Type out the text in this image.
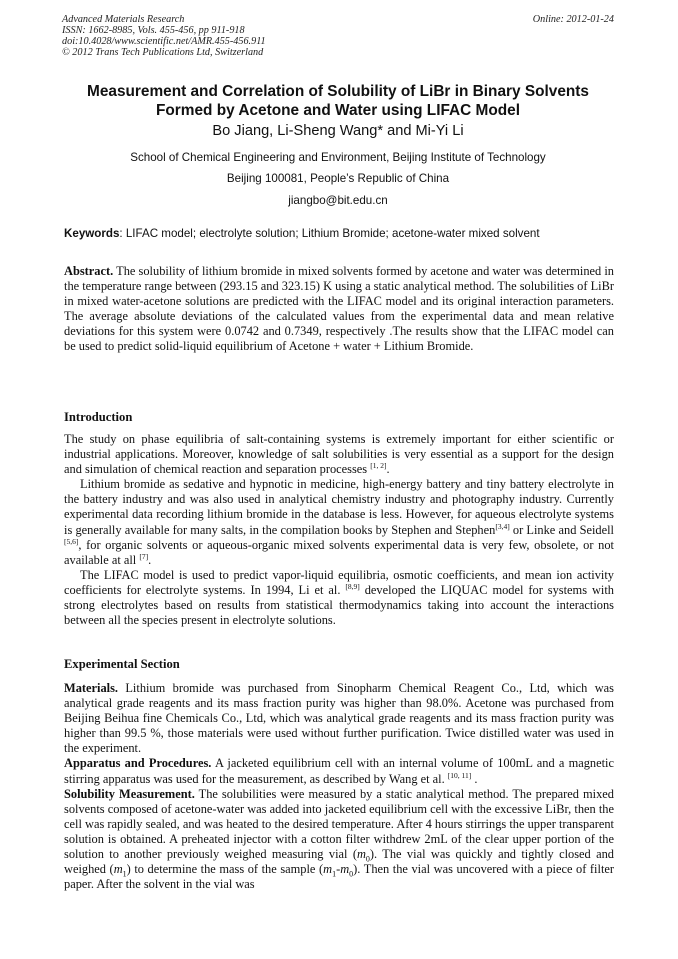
Advanced Materials Research
ISSN: 1662-8985, Vols. 455-456, pp 911-918
doi:10.4028/www.scientific.net/AMR.455-456.911
© 2012 Trans Tech Publications Ltd, Switzerland
Online: 2012-01-24
Measurement and Correlation of Solubility of LiBr in Binary Solvents
Formed by Acetone and Water using LIFAC Model
Bo Jiang, Li-Sheng Wang* and Mi-Yi Li
School of Chemical Engineering and Environment, Beijing Institute of Technology
Beijing 100081, People’s Republic of China
jiangbo@bit.edu.cn
Keywords: LIFAC model; electrolyte solution; Lithium Bromide; acetone-water mixed solvent

Abstract. The solubility of lithium bromide in mixed solvents formed by acetone and water was determined in the temperature range between (293.15 and 323.15) K using a static analytical method. The solubilities of LiBr in mixed water-acetone solutions are predicted with the LIFAC model and its original interaction parameters. The average absolute deviations of the calculated values from the experimental data and mean relative deviations for this system were 0.0742 and 0.7349, respectively .The results show that the LIFAC model can be used to predict solid-liquid equilibrium of Acetone + water + Lithium Bromide.

Introduction

The study on phase equilibria of salt-containing systems is extremely important for either scientific or industrial applications. Moreover, knowledge of salt solubilities is very essential as a support for the design and simulation of chemical reaction and separation processes [1, 2].

Lithium bromide as sedative and hypnotic in medicine, high-energy battery and tiny battery electrolyte in the battery industry and was also used in analytical chemistry industry and photography industry. Currently experimental data recording lithium bromide in the database is less. However, for aqueous electrolyte systems is generally available for many salts, in the compilation books by Stephen and Stephen[3,4] or Linke and Seidell [5,6], for organic solvents or aqueous-organic mixed solvents experimental data is very few, obsolete, or not available at all [7].

The LIFAC model is used to predict vapor-liquid equilibria, osmotic coefficients, and mean ion activity coefficients for electrolyte systems. In 1994, Li et al. [8,9] developed the LIQUAC model for systems with strong electrolytes based on results from statistical thermodynamics taking into account the interactions between all the species present in electrolyte solutions.

Experimental Section

Materials. Lithium bromide was purchased from Sinopharm Chemical Reagent Co., Ltd, which was analytical grade reagents and its mass fraction purity was higher than 98.0%. Acetone was purchased from Beijing Beihua fine Chemicals Co., Ltd, which was analytical grade reagents and its mass fraction purity was higher than 99.5 %, those materials were used without further purification. Twice distilled water was used in the experiment.

Apparatus and Procedures. A jacketed equilibrium cell with an internal volume of 100mL and a magnetic stirring apparatus was used for the measurement, as described by Wang et al. [10, 11] .

Solubility Measurement. The solubilities were measured by a static analytical method. The prepared mixed solvents composed of acetone-water was added into jacketed equilibrium cell with the excessive LiBr, then the cell was rapidly sealed, and was heated to the desired temperature. After 4 hours stirrings the upper transparent solution is obtained. A preheated injector with a cotton filter withdrew 2mL of the clear upper portion of the solution to another previously weighed measuring vial $(m_0)$. The vial was quickly and tightly closed and weighed $(m_1)$ to determine the mass of the sample $(m_1-m_0)$. Then the vial was uncovered with a piece of filter paper. After the solvent in the vial was
